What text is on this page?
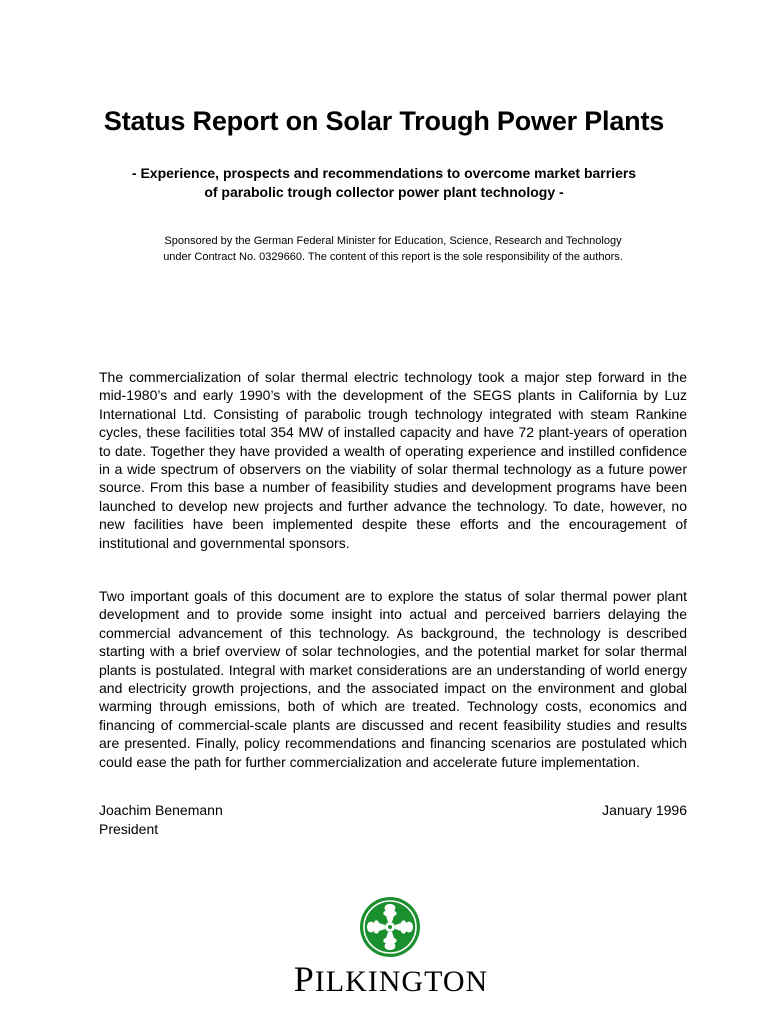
Status Report on Solar Trough Power Plants
- Experience, prospects and recommendations to overcome market barriers
of parabolic trough collector power plant technology -
Sponsored by the German Federal Minister for Education, Science, Research and Technology
under Contract No. 0329660. The content of this report is the sole responsibility of the authors.

The commercialization of solar thermal electric technology took a major step forward in the mid-1980’s and early 1990’s with the development of the SEGS plants in California by Luz International Ltd. Consisting of parabolic trough technology integrated with steam Rankine cycles, these facilities total 354 MW of installed capacity and have 72 plant-years of operation to date. Together they have provided a wealth of operating experience and instilled confidence in a wide spectrum of observers on the viability of solar thermal technology as a future power source. From this base a number of feasibility studies and development programs have been launched to develop new projects and further advance the technology. To date, however, no new facilities have been implemented despite these efforts and the encouragement of institutional and governmental sponsors.

Two important goals of this document are to explore the status of solar thermal power plant development and to provide some insight into actual and perceived barriers delaying the commercial advancement of this technology. As background, the technology is described starting with a brief overview of solar technologies, and the potential market for solar thermal plants is postulated. Integral with market considerations are an understanding of world energy and electricity growth projections, and the associated impact on the environment and global warming through emissions, both of which are treated. Technology costs, economics and financing of commercial-scale plants are discussed and recent feasibility studies and results are presented. Finally, policy recommendations and financing scenarios are postulated which could ease the path for further commercialization and accelerate future implementation.

Joachim Benemann
President
January 1996
PILKINGTON
